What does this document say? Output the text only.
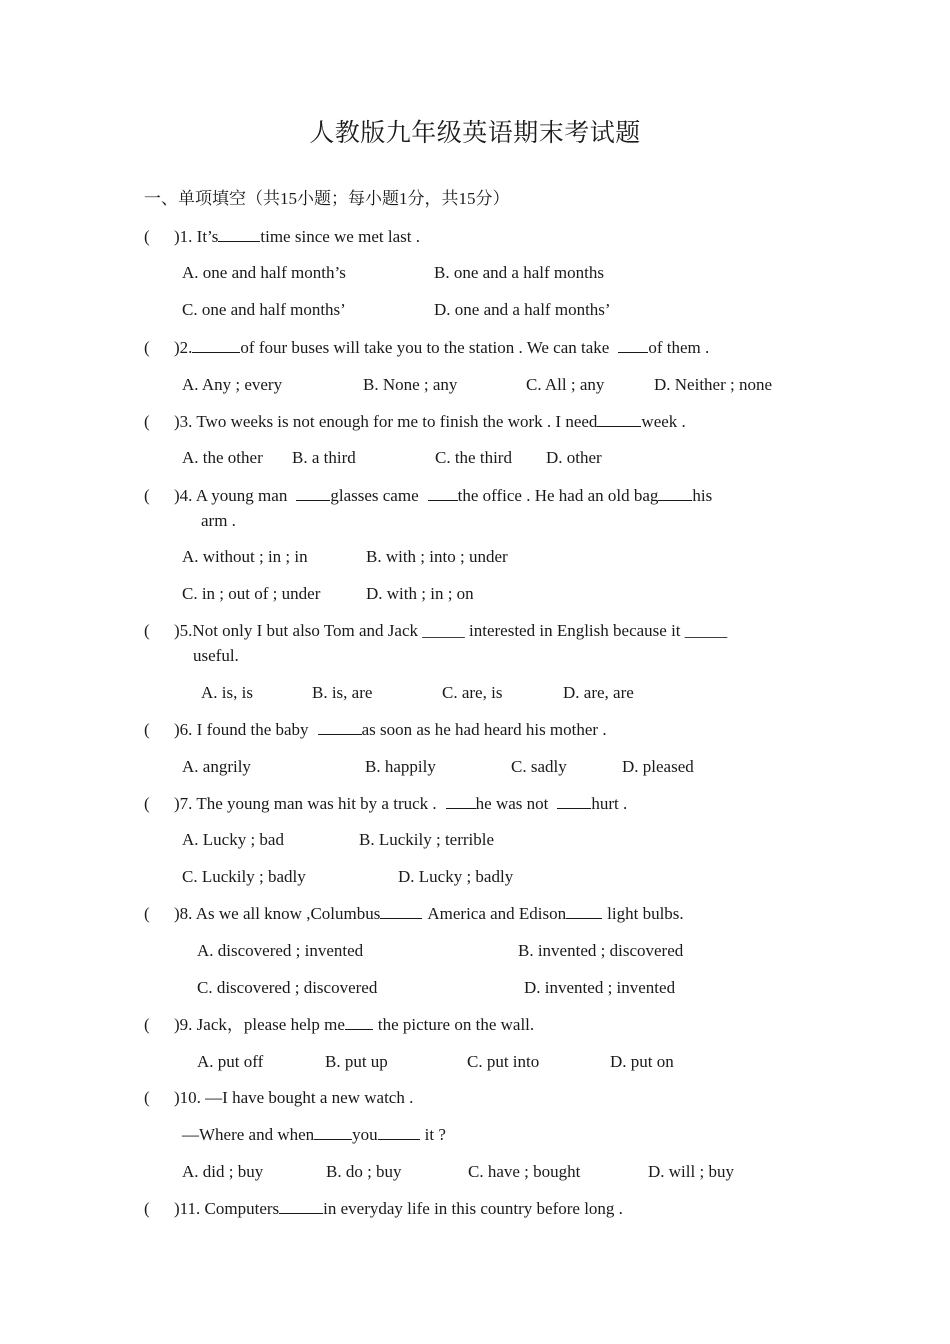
人教版九年级英语期末考试题
一、单项填空（共15小题；每小题1分，共15分）
( )1. It’s time since we met last .
A. one and half month’s	B. one and a half months
C. one and half months’	D. one and a half months’
( )2.	of four buses will take you to the station . We can take of them .
A. Any ; every	B. None ; any	C. All ; any	D. Neither ; none
( )3. Two weeks is not enough for me to finish the work . I need	week .
A. the other B. a third	C. the third D. other
( )4. A young man	glasses came the office . He had an old bag his
arm .
A. without ; in ; in	B. with ; into ; under
C. in ; out of ; under	D. with ; in ; on
( )5.Not only I but also Tom and Jack _____ interested in English because it _____
useful.
A. is, is	B. is, are	C. are, is	D. are, are
( )6. I found the baby	as soon as he had heard his mother .
A. angrily	B. happily	C. sadly	D. pleased
( )7. The young man was hit by a truck . he was not	hurt .
A. Lucky ; bad	B. Luckily ; terrible
C. Luckily ; badly	D. Lucky ; badly
( )8. As we all know ,Columbus	America and Edison light bulbs.
A. discovered ; invented	B. invented ; discovered
C. discovered ; discovered	D. invented ; invented
( )9. Jack，please help me the picture on the wall.
A. put off	B. put up	C. put into	D. put on
( )10. —I have bought a new watch .
—Where and when you	it ?
A. did ; buy	B. do ; buy	C. have ; bought	D. will ; buy
( )11. Computers	in everyday life in this country before long .
